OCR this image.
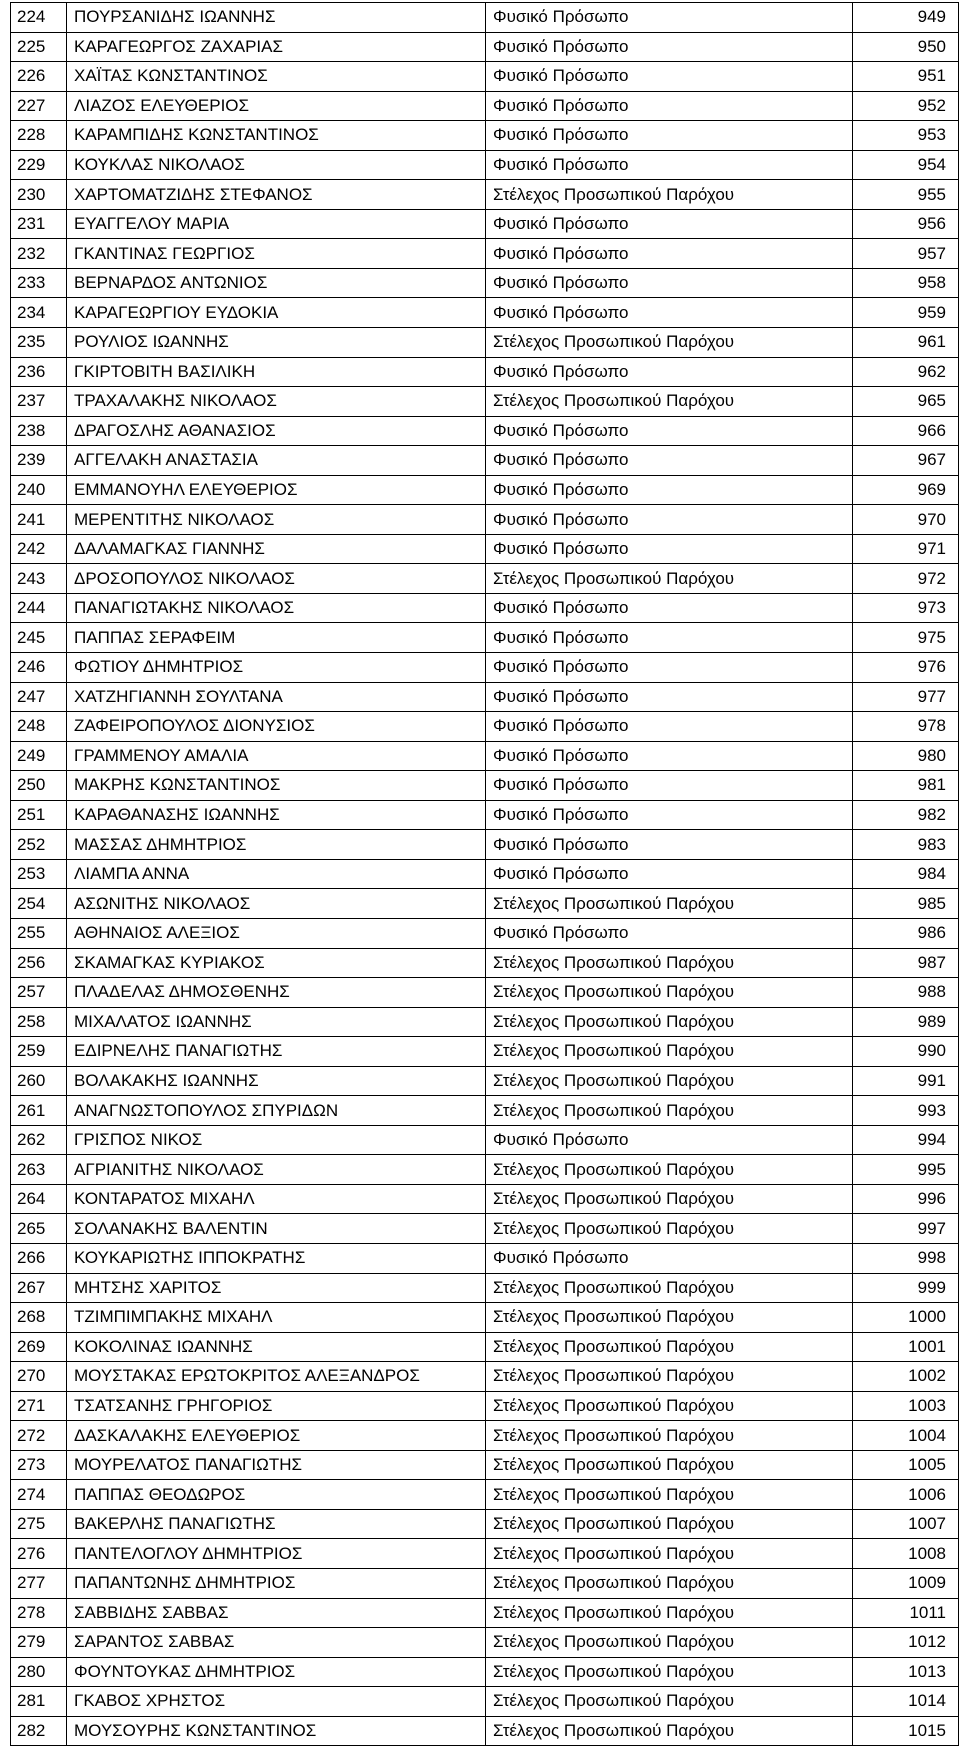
224	ΠΟΥΡΣΑΝΙΔΗΣ ΙΩΑΝΝΗΣ	Φυσικό Πρόσωπο	949
225	ΚΑΡΑΓΕΩΡΓΟΣ ΖΑΧΑΡΙΑΣ	Φυσικό Πρόσωπο	950
226	ΧΑΪΤΑΣ ΚΩΝΣΤΑΝΤΙΝΟΣ	Φυσικό Πρόσωπο	951
227	ΛΙΑΖΟΣ ΕΛΕΥΘΕΡΙΟΣ	Φυσικό Πρόσωπο	952
228	ΚΑΡΑΜΠΙΔΗΣ ΚΩΝΣΤΑΝΤΙΝΟΣ	Φυσικό Πρόσωπο	953
229	ΚΟΥΚΛΑΣ ΝΙΚΟΛΑΟΣ	Φυσικό Πρόσωπο	954
230	ΧΑΡΤΟΜΑΤΖΙΔΗΣ ΣΤΕΦΑΝΟΣ	Στέλεχος Προσωπικού Παρόχου	955
231	ΕΥΑΓΓΕΛΟΥ ΜΑΡΙΑ	Φυσικό Πρόσωπο	956
232	ΓΚΑΝΤΙΝΑΣ ΓΕΩΡΓΙΟΣ	Φυσικό Πρόσωπο	957
233	ΒΕΡΝΑΡΔΟΣ ΑΝΤΩΝΙΟΣ	Φυσικό Πρόσωπο	958
234	ΚΑΡΑΓΕΩΡΓΙΟΥ ΕΥΔΟΚΙΑ	Φυσικό Πρόσωπο	959
235	ΡΟΥΛΙΟΣ ΙΩΑΝΝΗΣ	Στέλεχος Προσωπικού Παρόχου	961
236	ΓΚΙΡΤΟΒΙΤΗ ΒΑΣΙΛΙΚΗ	Φυσικό Πρόσωπο	962
237	ΤΡΑΧΑΛΑΚΗΣ ΝΙΚΟΛΑΟΣ	Στέλεχος Προσωπικού Παρόχου	965
238	ΔΡΑΓΟΣΛΗΣ ΑΘΑΝΑΣΙΟΣ	Φυσικό Πρόσωπο	966
239	ΑΓΓΕΛΑΚΗ ΑΝΑΣΤΑΣΙΑ	Φυσικό Πρόσωπο	967
240	ΕΜΜΑΝΟΥΗΛ ΕΛΕΥΘΕΡΙΟΣ	Φυσικό Πρόσωπο	969
241	ΜΕΡΕΝΤΙΤΗΣ ΝΙΚΟΛΑΟΣ	Φυσικό Πρόσωπο	970
242	ΔΑΛΑΜΑΓΚΑΣ ΓΙΑΝΝΗΣ	Φυσικό Πρόσωπο	971
243	ΔΡΟΣΟΠΟΥΛΟΣ ΝΙΚΟΛΑΟΣ	Στέλεχος Προσωπικού Παρόχου	972
244	ΠΑΝΑΓΙΩΤΑΚΗΣ ΝΙΚΟΛΑΟΣ	Φυσικό Πρόσωπο	973
245	ΠΑΠΠΑΣ ΣΕΡΑΦΕΙΜ	Φυσικό Πρόσωπο	975
246	ΦΩΤΙΟΥ ΔΗΜΗΤΡΙΟΣ	Φυσικό Πρόσωπο	976
247	ΧΑΤΖΗΓΙΑΝΝΗ ΣΟΥΛΤΑΝΑ	Φυσικό Πρόσωπο	977
248	ΖΑΦΕΙΡΟΠΟΥΛΟΣ ΔΙΟΝΥΣΙΟΣ	Φυσικό Πρόσωπο	978
249	ΓΡΑΜΜΕΝΟΥ ΑΜΑΛΙΑ	Φυσικό Πρόσωπο	980
250	ΜΑΚΡΗΣ ΚΩΝΣΤΑΝΤΙΝΟΣ	Φυσικό Πρόσωπο	981
251	ΚΑΡΑΘΑΝΑΣΗΣ ΙΩΑΝΝΗΣ	Φυσικό Πρόσωπο	982
252	ΜΑΣΣΑΣ ΔΗΜΗΤΡΙΟΣ	Φυσικό Πρόσωπο	983
253	ΛΙΑΜΠΑ ΑΝΝΑ	Φυσικό Πρόσωπο	984
254	ΑΣΩΝΙΤΗΣ ΝΙΚΟΛΑΟΣ	Στέλεχος Προσωπικού Παρόχου	985
255	ΑΘΗΝΑΙΟΣ ΑΛΕΞΙΟΣ	Φυσικό Πρόσωπο	986
256	ΣΚΑΜΑΓΚΑΣ ΚΥΡΙΑΚΟΣ	Στέλεχος Προσωπικού Παρόχου	987
257	ΠΛΑΔΕΛΑΣ ΔΗΜΟΣΘΕΝΗΣ	Στέλεχος Προσωπικού Παρόχου	988
258	ΜΙΧΑΛΑΤΟΣ ΙΩΑΝΝΗΣ	Στέλεχος Προσωπικού Παρόχου	989
259	ΕΔΙΡΝΕΛΗΣ ΠΑΝΑΓΙΩΤΗΣ	Στέλεχος Προσωπικού Παρόχου	990
260	ΒΟΛΑΚΑΚΗΣ ΙΩΑΝΝΗΣ	Στέλεχος Προσωπικού Παρόχου	991
261	ΑΝΑΓΝΩΣΤΟΠΟΥΛΟΣ ΣΠΥΡΙΔΩΝ	Στέλεχος Προσωπικού Παρόχου	993
262	ΓΡΙΣΠΟΣ ΝΙΚΟΣ	Φυσικό Πρόσωπο	994
263	ΑΓΡΙΑΝΙΤΗΣ ΝΙΚΟΛΑΟΣ	Στέλεχος Προσωπικού Παρόχου	995
264	ΚΟΝΤΑΡΑΤΟΣ ΜΙΧΑΗΛ	Στέλεχος Προσωπικού Παρόχου	996
265	ΣΟΛΑΝΑΚΗΣ ΒΑΛΕΝΤΙΝ	Στέλεχος Προσωπικού Παρόχου	997
266	ΚΟΥΚΑΡΙΩΤΗΣ ΙΠΠΟΚΡΑΤΗΣ	Φυσικό Πρόσωπο	998
267	ΜΗΤΣΗΣ ΧΑΡΙΤΟΣ	Στέλεχος Προσωπικού Παρόχου	999
268	ΤΖΙΜΠΙΜΠΑΚΗΣ ΜΙΧΑΗΛ	Στέλεχος Προσωπικού Παρόχου	1000
269	ΚΟΚΟΛΙΝΑΣ ΙΩΑΝΝΗΣ	Στέλεχος Προσωπικού Παρόχου	1001
270	ΜΟΥΣΤΑΚΑΣ ΕΡΩΤΟΚΡΙΤΟΣ ΑΛΕΞΑΝΔΡΟΣ	Στέλεχος Προσωπικού Παρόχου	1002
271	ΤΣΑΤΣΑΝΗΣ ΓΡΗΓΟΡΙΟΣ	Στέλεχος Προσωπικού Παρόχου	1003
272	ΔΑΣΚΑΛΑΚΗΣ ΕΛΕΥΘΕΡΙΟΣ	Στέλεχος Προσωπικού Παρόχου	1004
273	ΜΟΥΡΕΛΑΤΟΣ ΠΑΝΑΓΙΩΤΗΣ	Στέλεχος Προσωπικού Παρόχου	1005
274	ΠΑΠΠΑΣ ΘΕΟΔΩΡΟΣ	Στέλεχος Προσωπικού Παρόχου	1006
275	ΒΑΚΕΡΛΗΣ ΠΑΝΑΓΙΩΤΗΣ	Στέλεχος Προσωπικού Παρόχου	1007
276	ΠΑΝΤΕΛΟΓΛΟΥ ΔΗΜΗΤΡΙΟΣ	Στέλεχος Προσωπικού Παρόχου	1008
277	ΠΑΠΑΝΤΩΝΗΣ ΔΗΜΗΤΡΙΟΣ	Στέλεχος Προσωπικού Παρόχου	1009
278	ΣΑΒΒΙΔΗΣ ΣΑΒΒΑΣ	Στέλεχος Προσωπικού Παρόχου	1011
279	ΣΑΡΑΝΤΟΣ ΣΑΒΒΑΣ	Στέλεχος Προσωπικού Παρόχου	1012
280	ΦΟΥΝΤΟΥΚΑΣ ΔΗΜΗΤΡΙΟΣ	Στέλεχος Προσωπικού Παρόχου	1013
281	ΓΚΑΒΟΣ ΧΡΗΣΤΟΣ	Στέλεχος Προσωπικού Παρόχου	1014
282	ΜΟΥΣΟΥΡΗΣ ΚΩΝΣΤΑΝΤΙΝΟΣ	Στέλεχος Προσωπικού Παρόχου	1015
